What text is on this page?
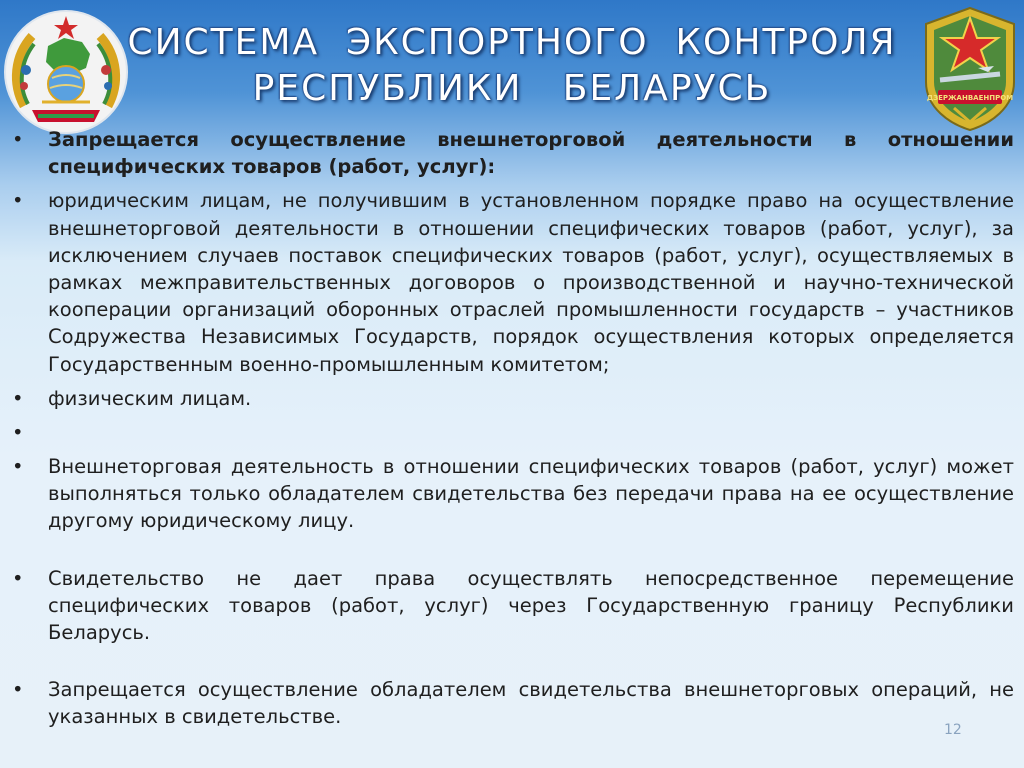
ДЗЕРЖАНВАЕНПРОМ
СИСТЕМА  ЭКСПОРТНОГО  КОНТРОЛЯ
РЕСПУБЛИКИ   БЕЛАРУСЬ
•	Запрещается осуществление внешнеторговой деятельности в отношении специфических товаров (работ, услуг):
•	юридическим лицам, не получившим в установленном порядке право на осуществление внешнеторговой деятельности в отношении специфических товаров (работ, услуг), за исключением случаев поставок специфических товаров (работ, услуг), осуществляемых в рамках межправительственных договоров о производственной и научно-технической кооперации организаций оборонных отраслей промышленности государств – участников Содружества Независимых Государств, порядок осуществления которых определяется Государственным военно-промышленным комитетом;
•	физическим лицам.
•
•	Внешнеторговая деятельность в отношении специфических товаров (работ, услуг) может выполняться только обладателем свидетельства без передачи права на ее осуществление другому юридическому лицу.
•	Свидетельство не дает права осуществлять непосредственное перемещение специфических товаров (работ, услуг) через Государственную границу Республики Беларусь.
•	Запрещается осуществление обладателем свидетельства внешнеторговых операций, не указанных в свидетельстве.
12
